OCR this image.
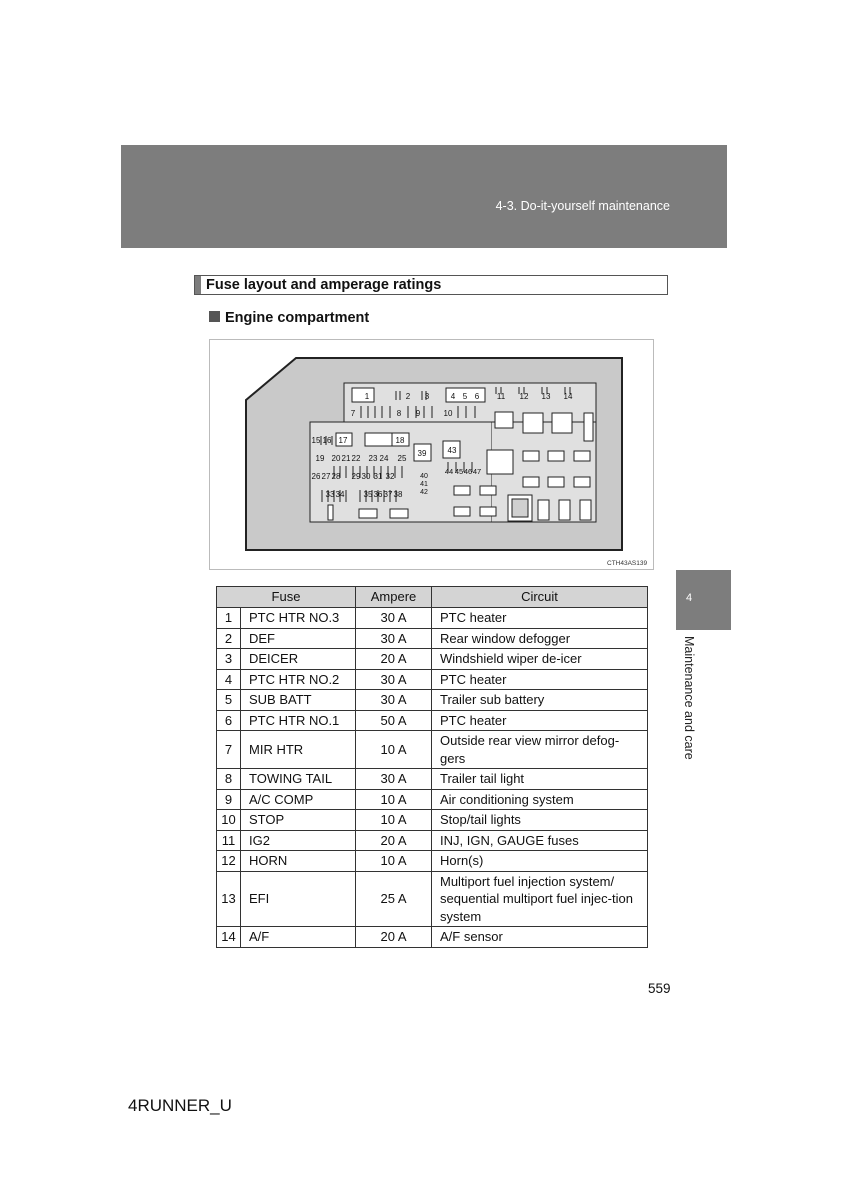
4-3. Do-it-yourself maintenance
Fuse layout and amperage ratings
Engine compartment
1	2 3	4 5 6
7	8 9	10
11 12 13 14
15 16 17	18
19 20 21 22 23 24 25
26 27 28 29 30 31 32
33 34 35 36 37 38
39
40
41
42
43
44 45 46 47
CTH43AS139
Fuse		Ampere	Circuit
1	PTC HTR NO.3	30 A	PTC heater
2	DEF	30 A	Rear window defogger
3	DEICER	20 A	Windshield wiper de-icer
4	PTC HTR NO.2	30 A	PTC heater
5	SUB BATT	30 A	Trailer sub battery
6	PTC HTR NO.1	50 A	PTC heater
7	MIR HTR	10 A	Outside rear view mirror defog-gers
8	TOWING TAIL	30 A	Trailer tail light
9	A/C COMP	10 A	Air conditioning system
10	STOP	10 A	Stop/tail lights
11	IG2	20 A	INJ, IGN, GAUGE fuses
12	HORN	10 A	Horn(s)
13	EFI	25 A	Multiport fuel injection system/ sequential multiport fuel injec-tion system
14	A/F	20 A	A/F sensor
559
4RUNNER_U
4
Maintenance and care
